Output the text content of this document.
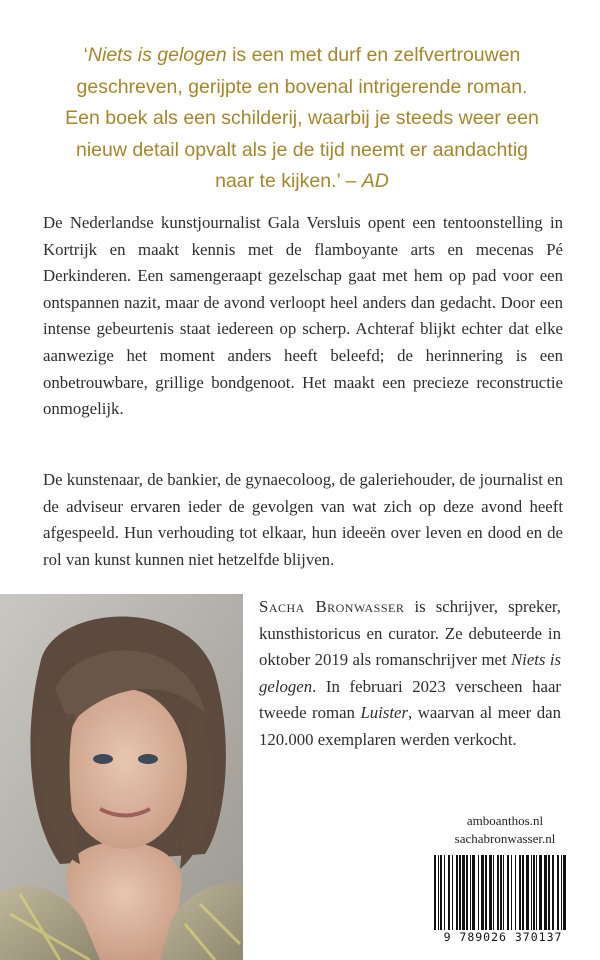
‘Niets is gelogen is een met durf en zelfvertrouwen geschreven, gerijpte en bovenal intrigerende roman. Een boek als een schilderij, waarbij je steeds weer een nieuw detail opvalt als je de tijd neemt er aandachtig naar te kijken.’ – AD
De Nederlandse kunstjournalist Gala Versluis opent een tentoonstelling in Kortrijk en maakt kennis met de flamboyante arts en mecenas Pé Derkinderen. Een samengeraapt gezelschap gaat met hem op pad voor een ontspannen nazit, maar de avond verloopt heel anders dan gedacht. Door een intense gebeurtenis staat iedereen op scherp. Achteraf blijkt echter dat elke aanwezige het moment anders heeft beleefd; de herinnering is een onbetrouwbare, grillige bondgenoot. Het maakt een precieze reconstructie onmogelijk.
De kunstenaar, de bankier, de gynaecoloog, de galeriehouder, de journalist en de adviseur ervaren ieder de gevolgen van wat zich op deze avond heeft afgespeeld. Hun verhouding tot elkaar, hun ideeën over leven en dood en de rol van kunst kunnen niet hetzelfde blijven.
Sacha Bronwasser is schrijver, spreker, kunsthistoricus en curator. Ze debuteerde in oktober 2019 als romanschrijver met Niets is gelogen. In februari 2023 verscheen haar tweede roman Luister, waarvan al meer dan 120.000 exemplaren werden verkocht.
amboanthos.nl
sachabronwasser.nl
9 789026 370137
